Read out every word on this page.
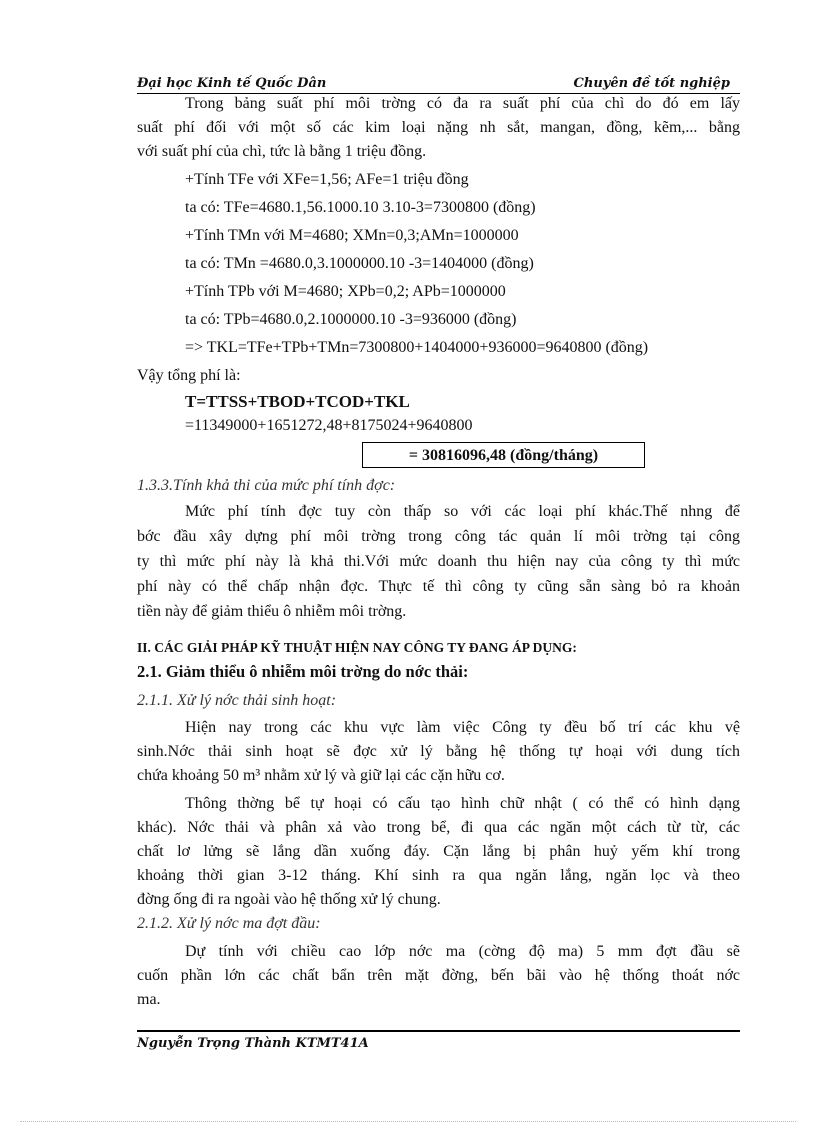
Đại học Kinh tế Quốc Dân	Chuyên đề tốt nghiệp
Trong bảng suất phí môi trờng có đa ra suất phí của chì do đó em lấy
suất phí đối với một số các kim loại nặng nh sắt, mangan, đồng, kẽm,... bằng
với suất phí của chì, tức là bằng 1 triệu đồng.
+Tính TFe với XFe=1,56; AFe=1 triệu đồng
ta có: TFe=4680.1,56.1000.10 3.10-3=7300800 (đồng)
+Tính TMn với M=4680; XMn=0,3;AMn=1000000
ta có: TMn =4680.0,3.1000000.10 -3=1404000 (đồng)
+Tính TPb với M=4680; XPb=0,2; APb=1000000
ta có: TPb=4680.0,2.1000000.10 -3=936000 (đồng)
=> TKL=TFe+TPb+TMn=7300800+1404000+936000=9640800 (đồng)
Vậy tổng phí là:
T=TTSS+TBOD+TCOD+TKL
=11349000+1651272,48+8175024+9640800
= 30816096,48 (đồng/tháng)
1.3.3.Tính khả thi của mức phí tính đợc:
Mức phí tính đợc tuy còn thấp so với các loại phí khác.Thế nhng để
bớc đầu xây dựng phí môi trờng trong công tác quản lí môi trờng tại công
ty thì mức phí này là khả thi.Với mức doanh thu hiện nay của công ty thì mức
phí này có thể chấp nhận đợc. Thực tế thì công ty cũng sẵn sàng bỏ ra khoản
tiền này để giảm thiểu ô nhiễm môi trờng.
II. CÁC GIẢI PHÁP KỸ THUẬT HIỆN NAY CÔNG TY ĐANG ÁP DỤNG:
2.1. Giảm thiểu ô nhiễm môi trờng do nớc thải:
2.1.1. Xử lý nớc thải sinh hoạt:
Hiện nay trong các khu vực làm việc Công ty đều bố trí các khu vệ
sinh.Nớc thải sinh hoạt sẽ đợc xử lý bằng hệ thống tự hoại với dung tích
chứa khoảng 50 m³ nhằm xử lý và giữ lại các cặn hữu cơ.
Thông thờng bể tự hoại có cấu tạo hình chữ nhật ( có thể có hình dạng
khác). Nớc thải và phân xả vào trong bể, đi qua các ngăn một cách từ từ, các
chất lơ lửng sẽ lắng dần xuống đáy. Cặn lắng bị phân huỷ yếm khí trong
khoảng thời gian 3-12 tháng. Khí sinh ra qua ngăn lắng, ngăn lọc và theo
đờng ống đi ra ngoài vào hệ thống xử lý chung.
2.1.2. Xử lý nớc ma đợt đầu:
Dự tính với chiều cao lớp nớc ma (cờng độ ma) 5 mm đợt đầu sẽ
cuốn phần lớn các chất bẩn trên mặt đờng, bến bãi vào hệ thống thoát nớc
ma.
Nguyễn Trọng Thành KTMT41A
